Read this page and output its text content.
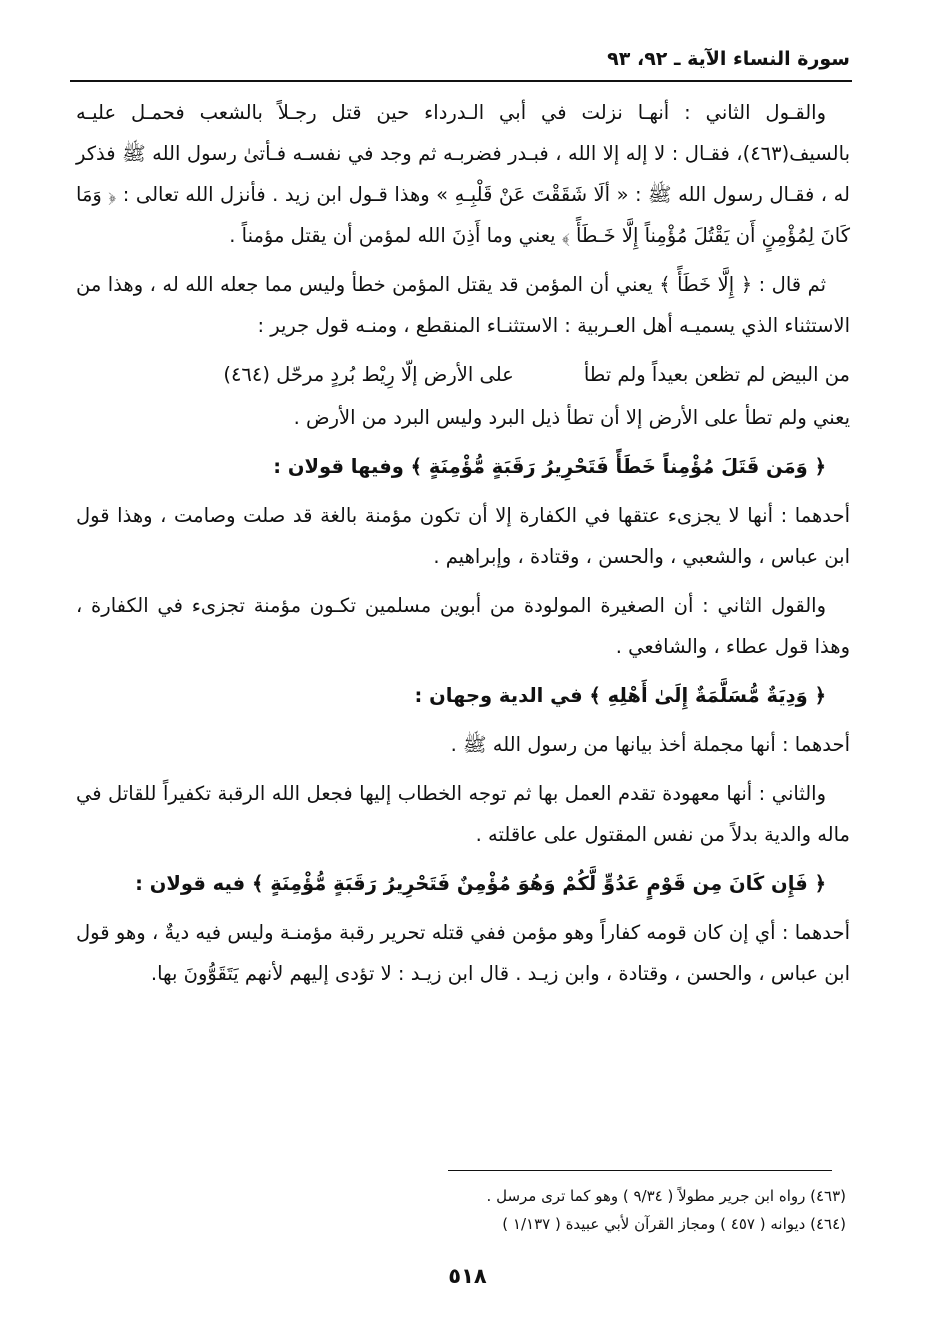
سورة النساء الآية ـ ٩٢، ٩٣

والقـول الثاني : أنهـا نزلت في أبي الـدرداء حين قتل رجـلاً بالشعب فحمـل عليـه بالسيف(٤٦٣)، فقـال : لا إله إلا الله ، فبـدر فضربـه ثم وجد في نفسـه فـأتىٰ رسول الله ﷺ فذكر له ، فقـال رسول الله ﷺ : « ألَا شَقَقْتَ عَنْ قَلْبِـهِ » وهذا قـول ابن زيد . فأنزل الله تعالى : ﴿ وَمَا كَانَ لِمُؤْمِنٍ أَن يَقْتُلَ مُؤْمِناً إِلَّا خَـطَأً ﴾ يعني وما أَذِنَ الله لمؤمن أن يقتل مؤمناً .

ثم قال : ﴿ إِلَّا خَطَأً ﴾ يعني أن المؤمن قد يقتل المؤمن خطأ وليس مما جعله الله له ، وهذا من الاستثناء الذي يسميـه أهل العـربية : الاستثنـاء المنقطع ، ومنـه قول جرير :

من البيض لم تظعن بعيداً ولم تطأ
على الأرض إلّا رِيْط بُردٍ مرحّل (٤٦٤)

يعني ولم تطأ على الأرض إلا أن تطأ ذيل البرد وليس البرد من الأرض .

﴿ وَمَن قَتَلَ مُؤْمِناً خَطَأً فَتَحْرِيرُ رَقَبَةٍ مُّؤْمِنَةٍ ﴾ وفيها قولان :

أحدهما : أنها لا يجزىء عتقها في الكفارة إلا أن تكون مؤمنة بالغة قد صلت وصامت ، وهذا قول ابن عباس ، والشعبي ، والحسن ، وقتادة ، وإبراهيم .

والقول الثاني : أن الصغيرة المولودة من أبوين مسلمين تكـون مؤمنة تجزىء في الكفارة ، وهذا قول عطاء ، والشافعي .

﴿ وَدِيَةٌ مُّسَلَّمَةٌ إِلَىٰ أَهْلِهِ ﴾ في الدية وجهان :

أحدهما : أنها مجملة أخذ بيانها من رسول الله ﷺ .

والثاني : أنها معهودة تقدم العمل بها ثم توجه الخطاب إليها فجعل الله الرقبة تكفيراً للقاتل في ماله والدية بدلاً من نفس المقتول على عاقلته .

﴿ فَإِن كَانَ مِن قَوْمٍ عَدُوٍّ لَّكُمْ وَهُوَ مُؤْمِنٌ فَتَحْرِيرُ رَقَبَةٍ مُّؤْمِنَةٍ ﴾ فيه قولان :

أحدهما : أي إن كان قومه كفاراً وهو مؤمن ففي قتله تحرير رقبة مؤمنـة وليس فيه ديةٌ ، وهو قول ابن عباس ، والحسن ، وقتادة ، وابن زيـد . قال ابن زيـد : لا تؤدى إليهم لأنهم يَتَقَوُّونَ بها.

(٤٦٣) رواه ابن جرير مطولاً ( ٩/٣٤ ) وهو كما ترى مرسل .
(٤٦٤) ديوانه ( ٤٥٧ ) ومجاز القرآن لأبي عبيدة ( ١/١٣٧ )
٥١٨
